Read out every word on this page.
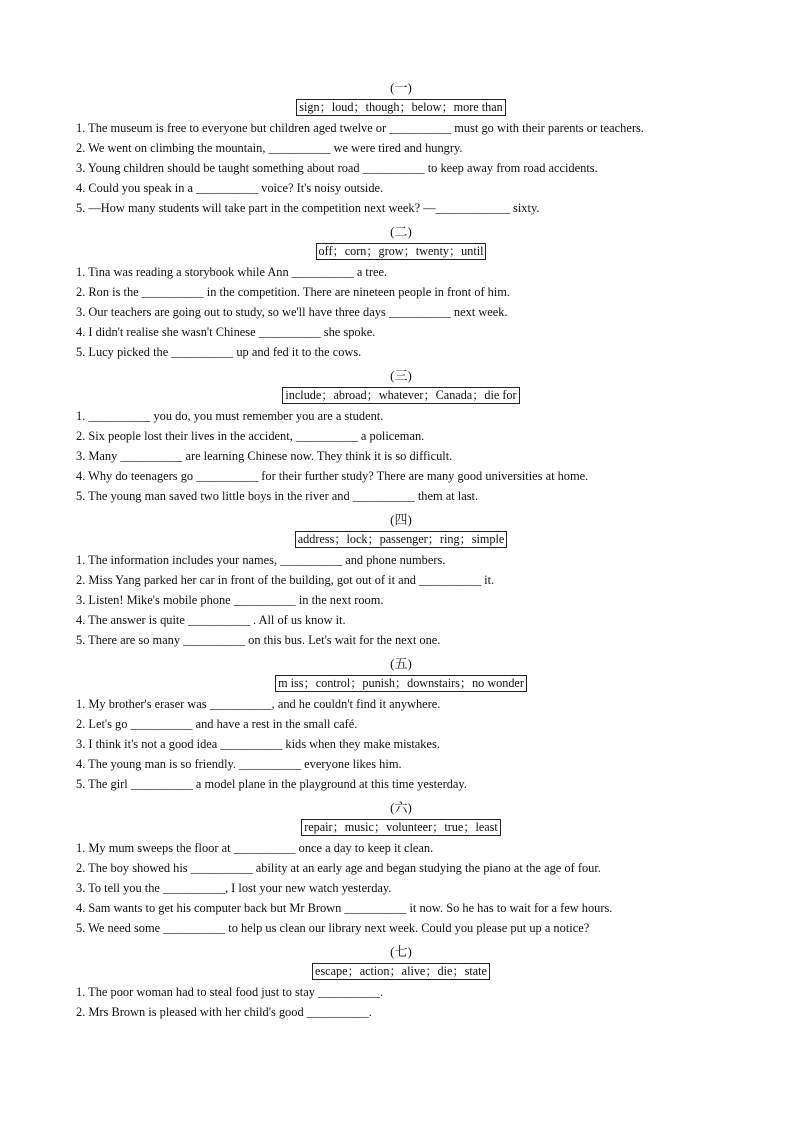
(一)
sign；loud；though；below；more than
1. The museum is free to everyone but children aged twelve or __________ must go with their parents or teachers.
2. We went on climbing the mountain, __________ we were tired and hungry.
3. Young children should be taught something about road __________ to keep away from road accidents.
4. Could you speak in a __________ voice? It's noisy outside.
5. —How many students will take part in the competition next week? —____________ sixty.
(二)
off；corn；grow；twenty；until
1. Tina was reading a storybook while Ann __________ a tree.
2. Ron is the __________ in the competition. There are nineteen people in front of him.
3. Our teachers are going out to study, so we'll have three days __________ next week.
4. I didn't realise she wasn't Chinese __________ she spoke.
5. Lucy picked the __________ up and fed it to the cows.
(三)
include；abroad；whatever；Canada；die for
1. __________ you do, you must remember you are a student.
2. Six people lost their lives in the accident, __________ a policeman.
3. Many __________ are learning Chinese now. They think it is so difficult.
4. Why do teenagers go __________ for their further study? There are many good universities at home.
5. The young man saved two little boys in the river and __________ them at last.
(四)
address；lock；passenger；ring；simple
1. The information includes your names, __________ and phone numbers.
2. Miss Yang parked her car in front of the building, got out of it and __________ it.
3. Listen! Mike's mobile phone __________ in the next room.
4. The answer is quite __________ . All of us know it.
5. There are so many __________ on this bus. Let's wait for the next one.
(五)
m iss；control；punish；downstairs；no wonder
1. My brother's eraser was __________, and he couldn't find it anywhere.
2. Let's go __________ and have a rest in the small café.
3. I think it's not a good idea __________ kids when they make mistakes.
4. The young man is so friendly. __________ everyone likes him.
5. The girl __________ a model plane in the playground at this time yesterday.
(六)
repair；music；volunteer；true；least
1. My mum sweeps the floor at __________ once a day to keep it clean.
2. The boy showed his __________ ability at an early age and began studying the piano at the age of four.
3. To tell you the __________, I lost your new watch yesterday.
4. Sam wants to get his computer back but Mr Brown __________ it now. So he has to wait for a few hours.
5. We need some __________ to help us clean our library next week. Could you please put up a notice?
(七)
escape；action；alive；die；state
1. The poor woman had to steal food just to stay __________.
2. Mrs Brown is pleased with her child's good __________.
